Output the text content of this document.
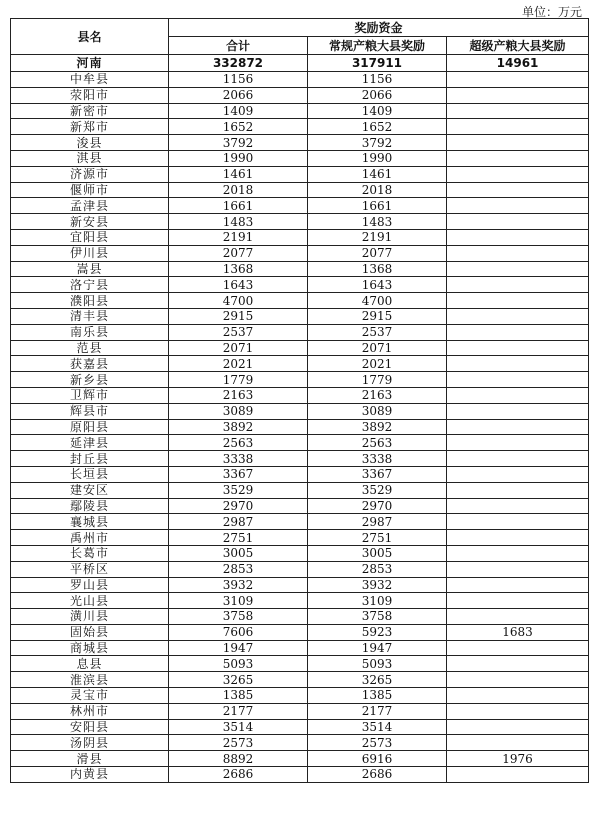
单位：万元
县名	奖励资金		
	合计	常规产粮大县奖励	超级产粮大县奖励
河南	332872	317911	14961
中牟县	1156	1156	
荥阳市	2066	2066	
新密市	1409	1409	
新郑市	1652	1652	
浚县	3792	3792	
淇县	1990	1990	
济源市	1461	1461	
偃师市	2018	2018	
孟津县	1661	1661	
新安县	1483	1483	
宜阳县	2191	2191	
伊川县	2077	2077	
嵩县	1368	1368	
洛宁县	1643	1643	
濮阳县	4700	4700	
清丰县	2915	2915	
南乐县	2537	2537	
范县	2071	2071	
获嘉县	2021	2021	
新乡县	1779	1779	
卫辉市	2163	2163	
辉县市	3089	3089	
原阳县	3892	3892	
延津县	2563	2563	
封丘县	3338	3338	
长垣县	3367	3367	
建安区	3529	3529	
鄢陵县	2970	2970	
襄城县	2987	2987	
禹州市	2751	2751	
长葛市	3005	3005	
平桥区	2853	2853	
罗山县	3932	3932	
光山县	3109	3109	
潢川县	3758	3758	
固始县	7606	5923	1683
商城县	1947	1947	
息县	5093	5093	
淮滨县	3265	3265	
灵宝市	1385	1385	
林州市	2177	2177	
安阳县	3514	3514	
汤阴县	2573	2573	
滑县	8892	6916	1976
内黄县	2686	2686	
